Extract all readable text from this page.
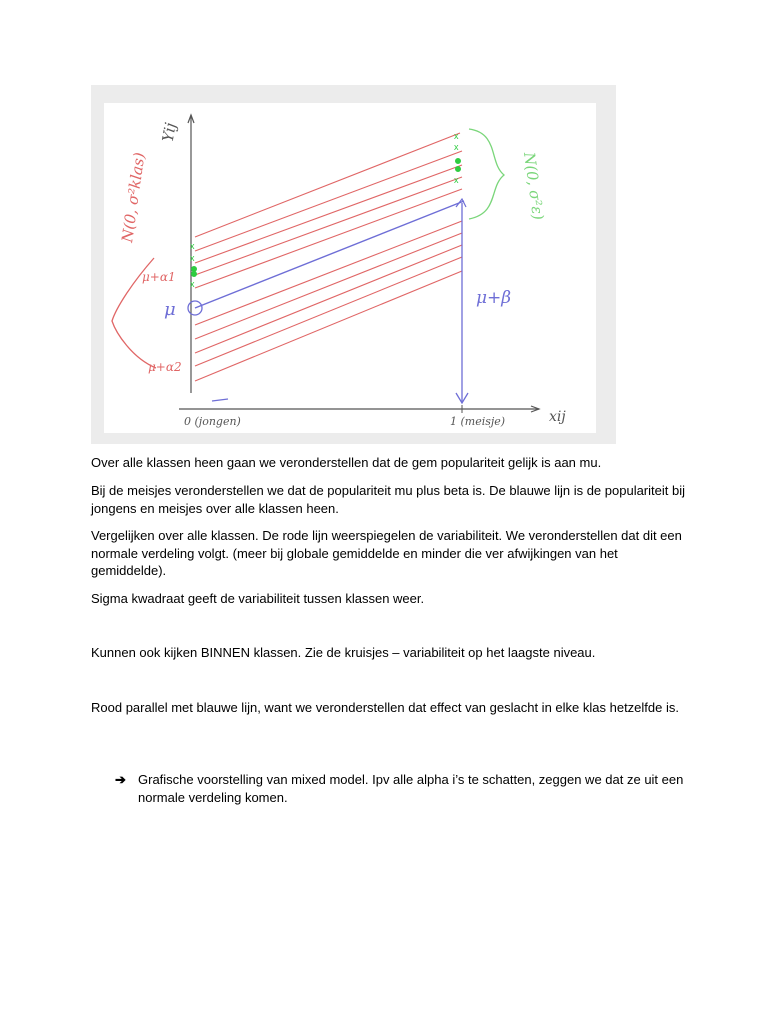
x
x
x
x
x
x
Yij
xij
0 (jongen)	1 (meisje)
μ
μ+α1
μ+α2
μ+β
N(0, σ²klas)	N(0, σ²ε)

Over alle klassen heen gaan we veronderstellen dat de gem populariteit gelijk is aan mu.

Bij de meisjes veronderstellen we dat de populariteit mu plus beta is. De blauwe lijn is de populariteit bij jongens en meisjes over alle klassen heen.

Vergelijken over alle klassen. De rode lijn weerspiegelen de variabiliteit. We veronderstellen dat dit een normale verdeling volgt. (meer bij globale gemiddelde en minder die ver afwijkingen van het gemiddelde).

Sigma kwadraat geeft de variabiliteit tussen klassen weer.

Kunnen ook kijken BINNEN klassen. Zie de kruisjes – variabiliteit op het laagste niveau.

Rood parallel met blauwe lijn, want we veronderstellen dat effect van geslacht in elke klas hetzelfde is.

➔ Grafische voorstelling van mixed model. Ipv alle alpha i’s te schatten, zeggen we dat ze uit een normale verdeling komen.
